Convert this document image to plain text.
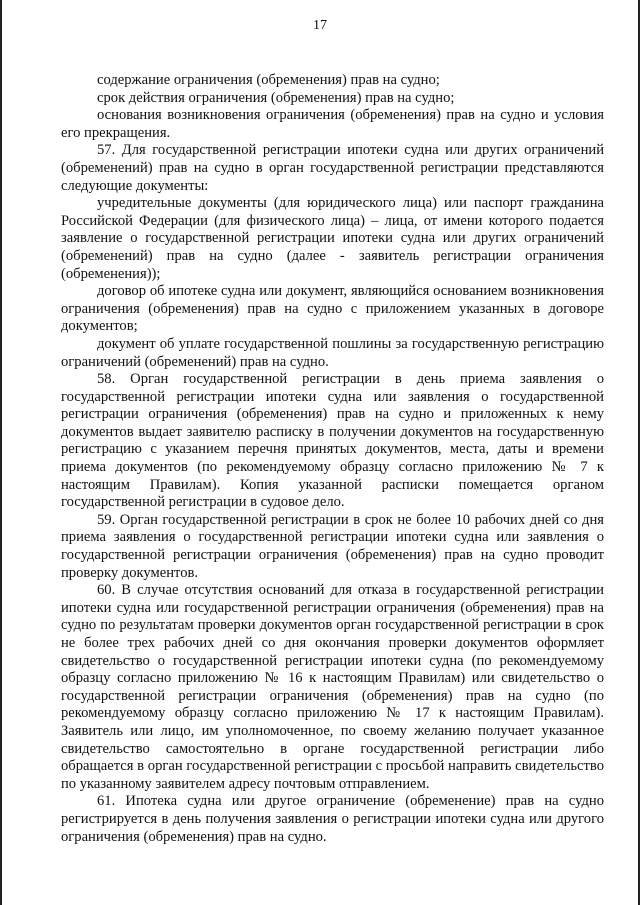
17

содержание ограничения (обременения) прав на судно;

срок действия ограничения (обременения) прав на судно;

основания возникновения ограничения (обременения) прав на судно и условия его прекращения.

57. Для государственной регистрации ипотеки судна или других ограничений (обременений) прав на судно в орган государственной регистрации представляются следующие документы:

учредительные документы (для юридического лица) или паспорт гражданина Российской Федерации (для физического лица) – лица, от имени которого подается заявление о государственной регистрации ипотеки судна или других ограничений (обременений) прав на судно (далее - заявитель регистрации ограничения (обременения));

договор об ипотеке судна или документ, являющийся основанием возникновения ограничения (обременения) прав на судно с приложением указанных в договоре документов;

документ об уплате государственной пошлины за государственную регистрацию ограничений (обременений) прав на судно.

58. Орган государственной регистрации в день приема заявления о государственной регистрации ипотеки судна или заявления о государственной регистрации ограничения (обременения) прав на судно и приложенных к нему документов выдает заявителю расписку в получении документов на государственную регистрацию с указанием перечня принятых документов, места, даты и времени приема документов (по рекомендуемому образцу согласно приложению № 7 к настоящим Правилам). Копия указанной расписки помещается органом государственной регистрации в судовое дело.

59. Орган государственной регистрации в срок не более 10 рабочих дней со дня приема заявления о государственной регистрации ипотеки судна или заявления о государственной регистрации ограничения (обременения) прав на судно проводит проверку документов.

60. В случае отсутствия оснований для отказа в государственной регистрации ипотеки судна или государственной регистрации ограничения (обременения) прав на судно по результатам проверки документов орган государственной регистрации в срок не более трех рабочих дней со дня окончания проверки документов оформляет свидетельство о государственной регистрации ипотеки судна (по рекомендуемому образцу согласно приложению № 16 к настоящим Правилам) или свидетельство о государственной регистрации ограничения (обременения) прав на судно (по рекомендуемому образцу согласно приложению № 17 к настоящим Правилам). Заявитель или лицо, им уполномоченное, по своему желанию получает указанное свидетельство самостоятельно в органе государственной регистрации либо обращается в орган государственной регистрации с просьбой направить свидетельство по указанному заявителем адресу почтовым отправлением.

61. Ипотека судна или другое ограничение (обременение) прав на судно регистрируется в день получения заявления о регистрации ипотеки судна или другого ограничения (обременения) прав на судно.
